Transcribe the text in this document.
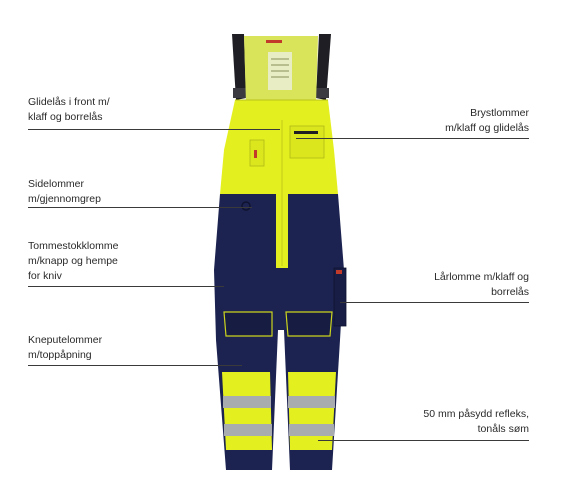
Glidelås i front m/
klaff og borrelås
Sidelommer
m/gjennomgrep
Tommestokklomme
m/knapp og hempe
for kniv
Kneputelommer
m/toppåpning
Brystlommer
m/klaff og glidelås
Lårlomme m/klaff og
borrelås
50 mm påsydd refleks,
tonåls søm
